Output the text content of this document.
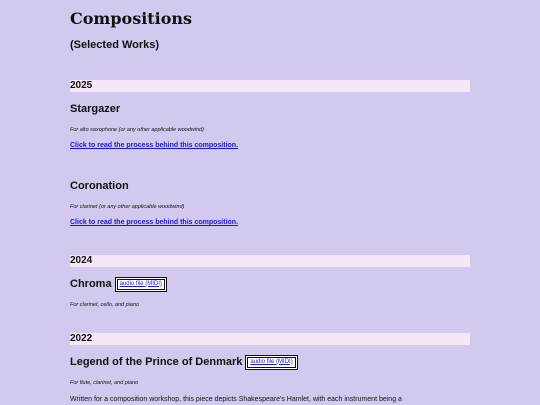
Compositions
(Selected Works)
2025
Stargazer
For alto saxophone (or any other applicable woodwind)
Click to read the process behind this composition.
Coronation
For clarinet (or any other applicable woodwind)
Click to read the process behind this composition.
2024
Chroma	audio file (MIDI)
For clarinet, cello, and piano
2022
Legend of the Prince of Denmark	audio file (MIDI)
For flute, clarinet, and piano
Written for a composition workshop, this piece depicts Shakespeare's Hamlet, with each instrument being a
